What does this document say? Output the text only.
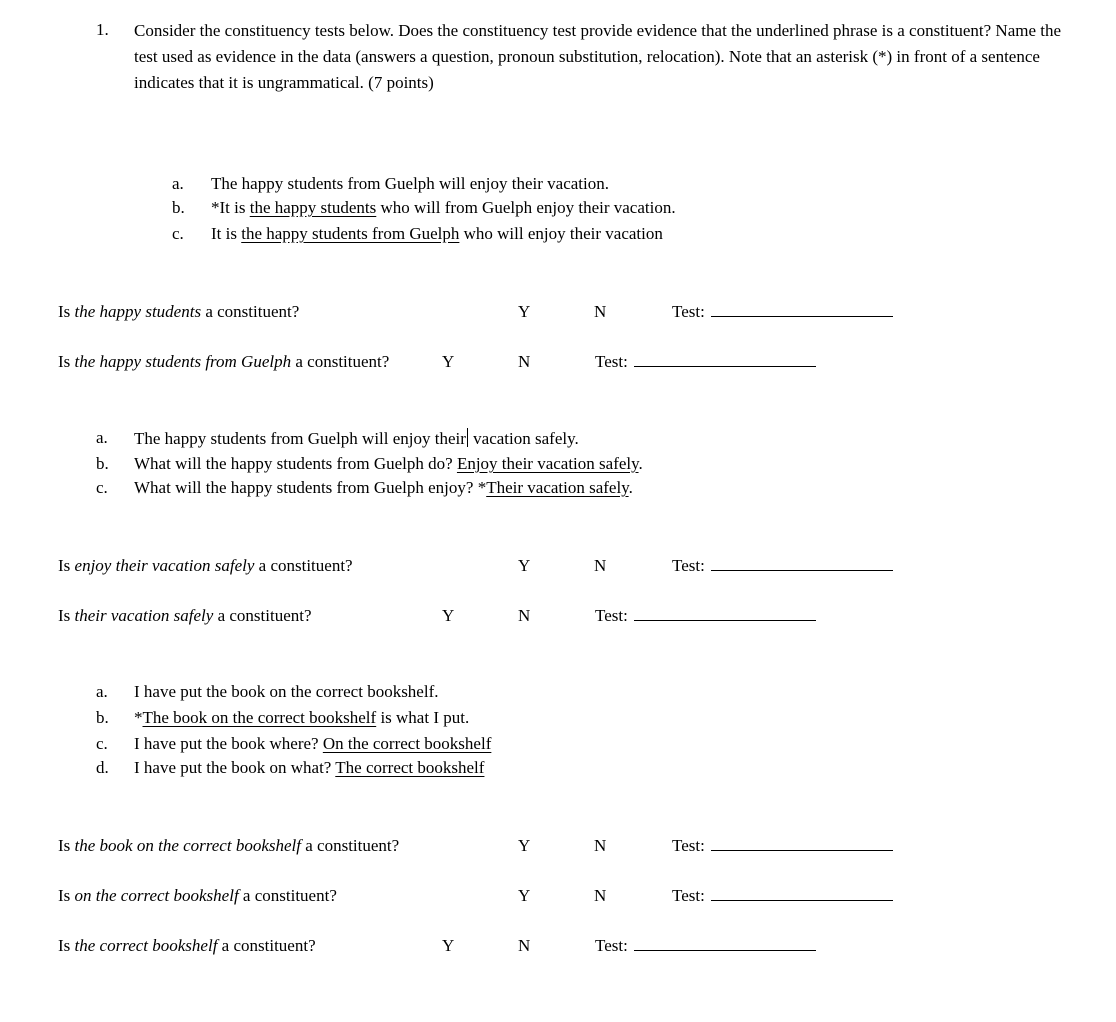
1. Consider the constituency tests below. Does the constituency test provide evidence that the underlined phrase is a constituent? Name the test used as evidence in the data (answers a question, pronoun substitution, relocation). Note that an asterisk (*) in front of a sentence indicates that it is ungrammatical. (7 points)
a. The happy students from Guelph will enjoy their vacation.
b. *It is the happy students who will from Guelph enjoy their vacation.
c. It is the happy students from Guelph who will enjoy their vacation
Is the happy students a constituent?	Y	N	Test:
Is the happy students from Guelph a constituent?	Y	N	Test:
a. The happy students from Guelph will enjoy their vacation safely.
b. What will the happy students from Guelph do? Enjoy their vacation safely.
c. What will the happy students from Guelph enjoy? *Their vacation safely.
Is enjoy their vacation safely a constituent?	Y	N	Test:
Is their vacation safely a constituent?	Y	N	Test:
a. I have put the book on the correct bookshelf.
b. *The book on the correct bookshelf is what I put.
c. I have put the book where? On the correct bookshelf
d. I have put the book on what? The correct bookshelf
Is the book on the correct bookshelf a constituent?	Y	N	Test:
Is on the correct bookshelf a constituent?	Y	N	Test:
Is the correct bookshelf a constituent?	Y	N	Test:
